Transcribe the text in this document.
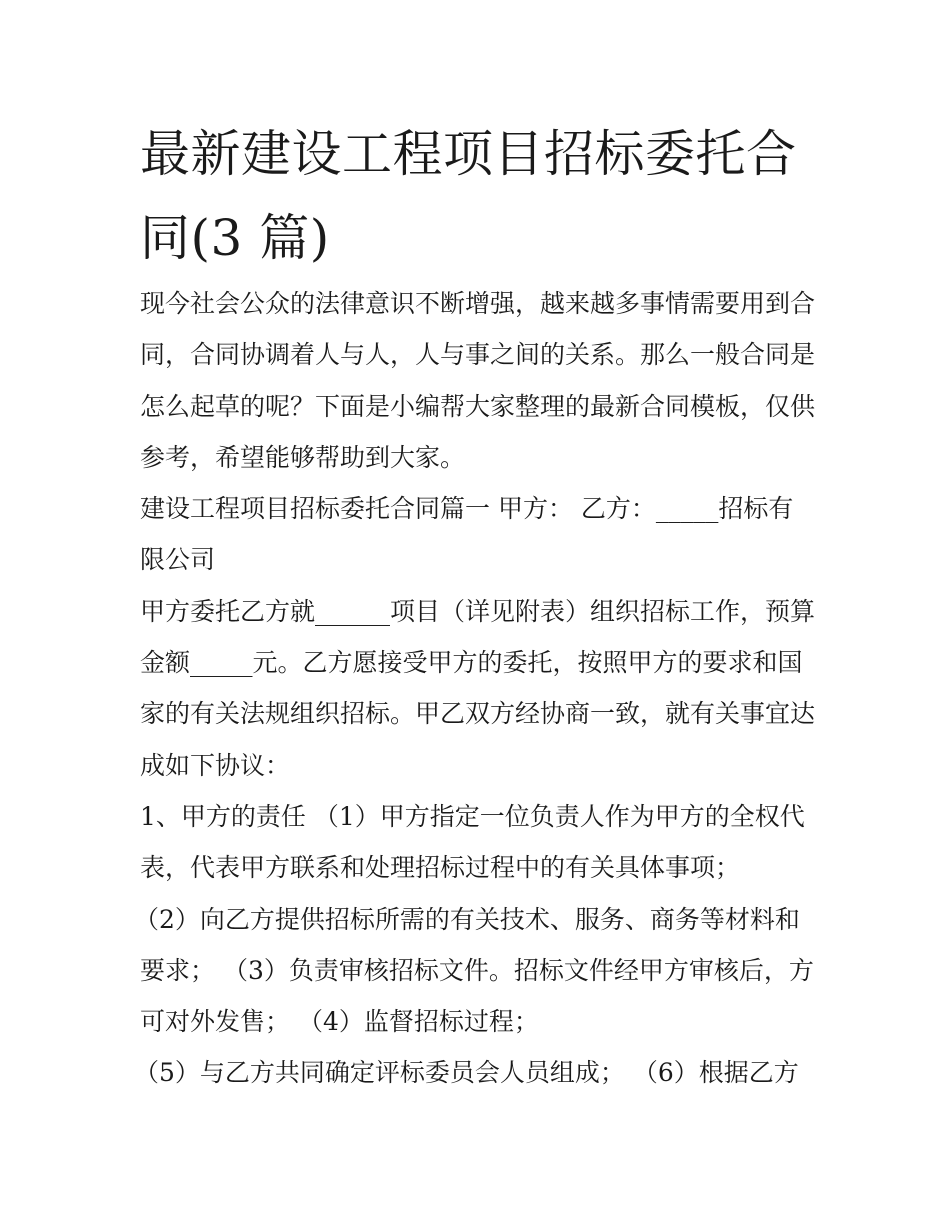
最新建设工程项目招标委托合
同(3 篇)
现今社会公众的法律意识不断增强，越来越多事情需要用到合
同，合同协调着人与人，人与事之间的关系。那么一般合同是
怎么起草的呢？下面是小编帮大家整理的最新合同模板，仅供
参考，希望能够帮助到大家。
建设工程项目招标委托合同篇一 甲方： 乙方：_____招标有
限公司
甲方委托乙方就______项目（详见附表）组织招标工作，预算
金额_____元。乙方愿接受甲方的委托，按照甲方的要求和国
家的有关法规组织招标。甲乙双方经协商一致，就有关事宜达
成如下协议：
1、甲方的责任 （1）甲方指定一位负责人作为甲方的全权代
表，代表甲方联系和处理招标过程中的有关具体事项；
（2）向乙方提供招标所需的有关技术、服务、商务等材料和
要求； （3）负责审核招标文件。招标文件经甲方审核后，方
可对外发售； （4）监督招标过程；
（5）与乙方共同确定评标委员会人员组成； （6）根据乙方
